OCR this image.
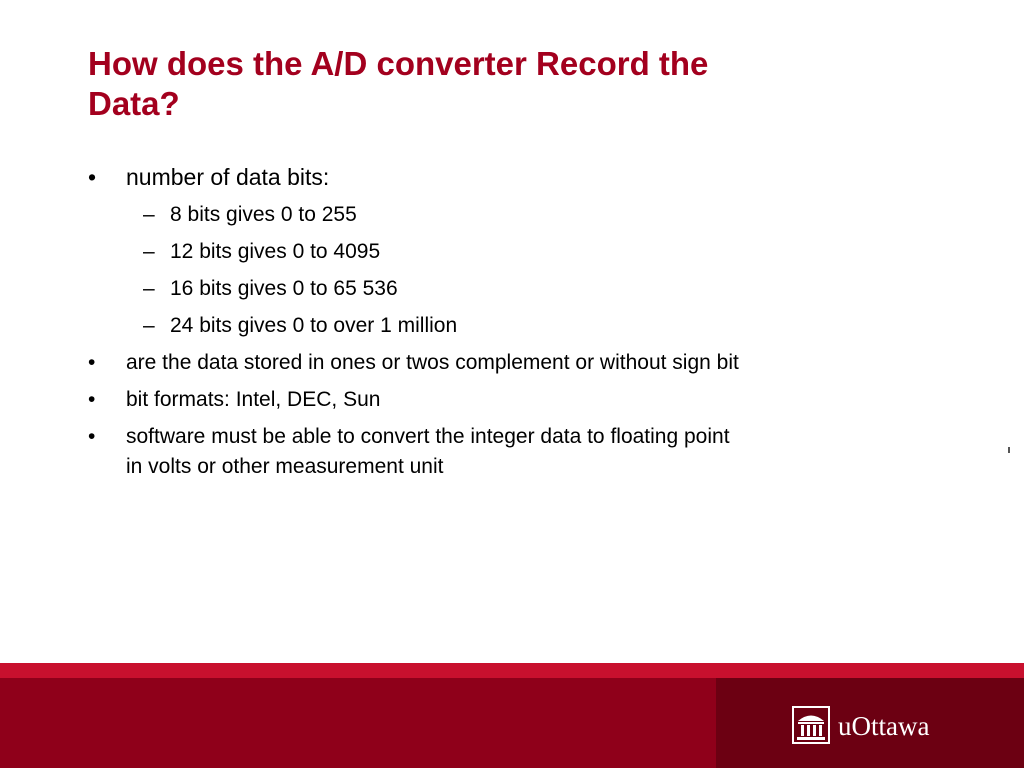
How does the A/D converter Record the
Data?
• number of data bits:
– 8 bits gives 0 to 255
– 12 bits gives 0 to 4095
– 16 bits gives 0 to 65 536
– 24 bits gives 0 to over 1 million
• are the data stored in ones or twos complement or without sign bit
• bit formats: Intel, DEC, Sun
• software must be able to convert the integer data to floating point
in volts or other measurement unit
uOttawa
